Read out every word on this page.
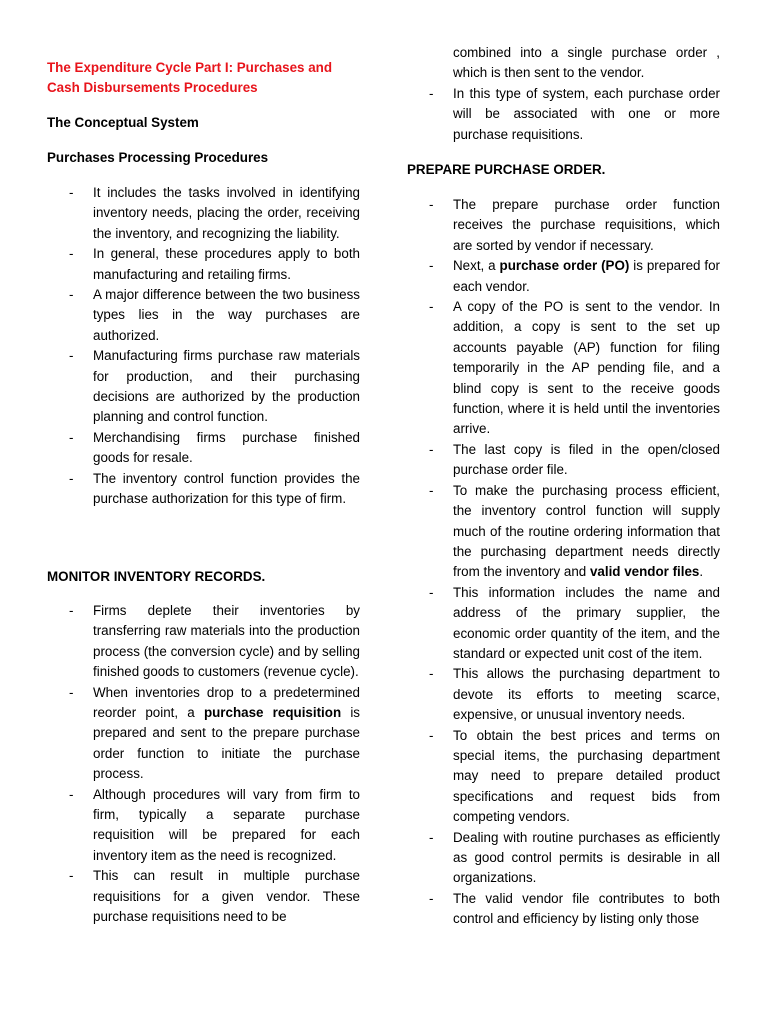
The Expenditure Cycle Part I: Purchases and Cash Disbursements Procedures

The Conceptual System

Purchases Processing Procedures

- It includes the tasks involved in identifying inventory needs, placing the order, receiving the inventory, and recognizing the liability.
- In general, these procedures apply to both manufacturing and retailing firms.
- A major difference between the two business types lies in the way purchases are authorized.
- Manufacturing firms purchase raw materials for production, and their purchasing decisions are authorized by the production planning and control function.
- Merchandising firms purchase finished goods for resale.
- The inventory control function provides the purchase authorization for this type of firm.

MONITOR INVENTORY RECORDS.

- Firms deplete their inventories by transferring raw materials into the production process (the conversion cycle) and by selling finished goods to customers (revenue cycle).
- When inventories drop to a predetermined reorder point, a purchase requisition is prepared and sent to the prepare purchase order function to initiate the purchase process.
- Although procedures will vary from firm to firm, typically a separate purchase requisition will be prepared for each inventory item as the need is recognized.
- This can result in multiple purchase requisitions for a given vendor. These purchase requisitions need to be
combined into a single purchase order , which is then sent to the vendor.
- In this type of system, each purchase order will be associated with one or more purchase requisitions.

PREPARE PURCHASE ORDER.

- The prepare purchase order function receives the purchase requisitions, which are sorted by vendor if necessary.
- Next, a purchase order (PO) is prepared for each vendor.
- A copy of the PO is sent to the vendor. In addition, a copy is sent to the set up accounts payable (AP) function for filing temporarily in the AP pending file, and a blind copy is sent to the receive goods function, where it is held until the inventories arrive.
- The last copy is filed in the open/closed purchase order file.
- To make the purchasing process efficient, the inventory control function will supply much of the routine ordering information that the purchasing department needs directly from the inventory and valid vendor files.
- This information includes the name and address of the primary supplier, the economic order quantity of the item, and the standard or expected unit cost of the item.
- This allows the purchasing department to devote its efforts to meeting scarce, expensive, or unusual inventory needs.
- To obtain the best prices and terms on special items, the purchasing department may need to prepare detailed product specifications and request bids from competing vendors.
- Dealing with routine purchases as efficiently as good control permits is desirable in all organizations.
- The valid vendor file contributes to both control and efficiency by listing only those
